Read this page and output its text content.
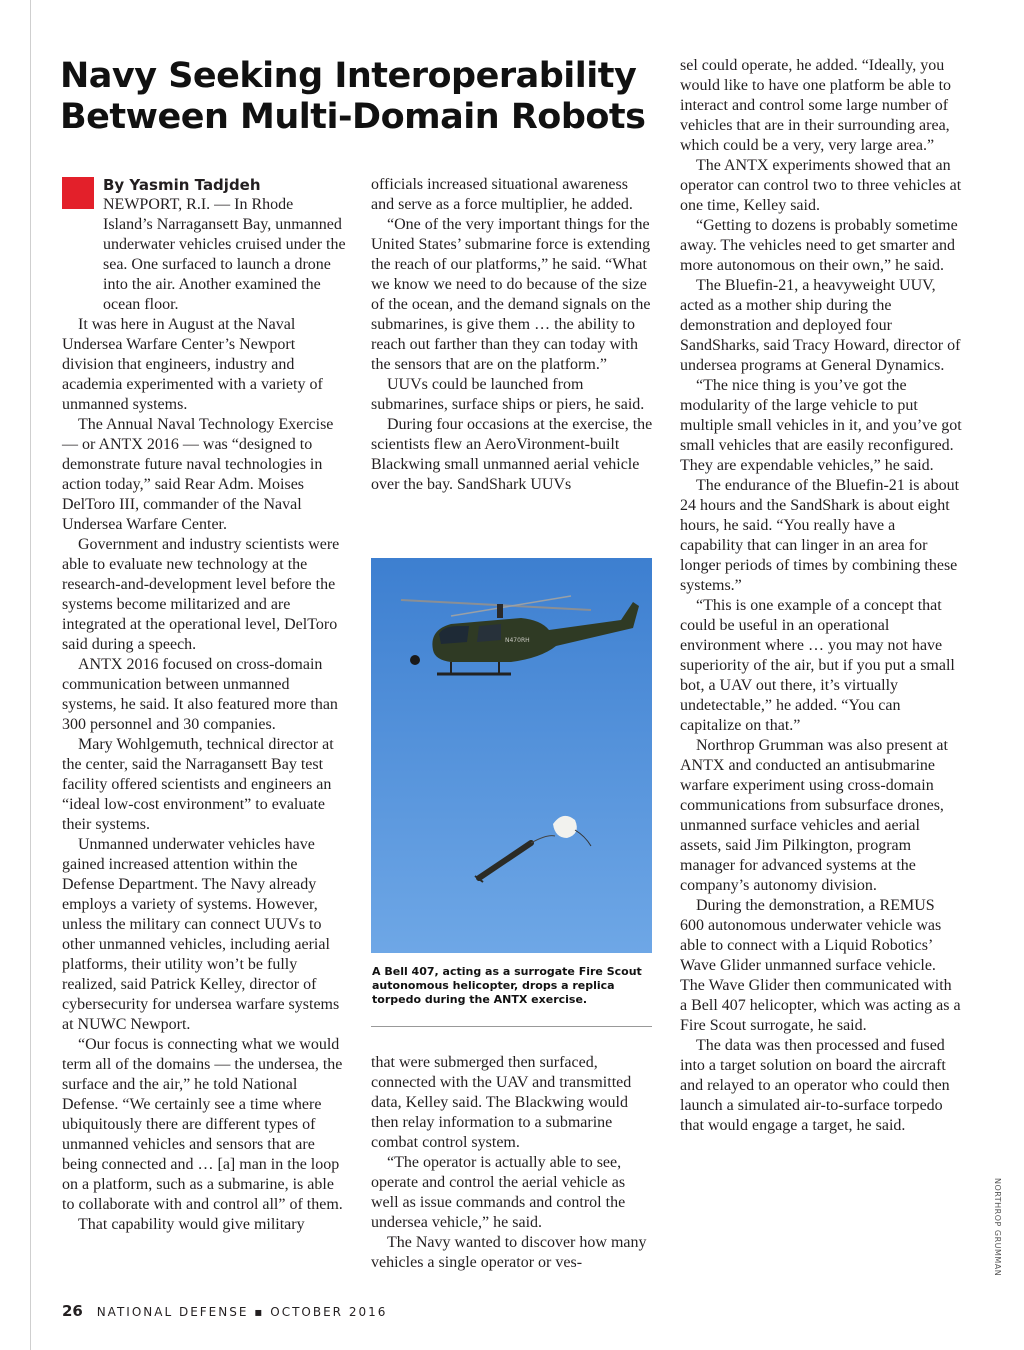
Navy Seeking Interoperability Between Multi-Domain Robots
By Yasmin Tadjdeh

NEWPORT, R.I. — In Rhode Island’s Narragansett Bay, unmanned underwater vehicles cruised under the sea. One surfaced to launch a drone into the air. Another examined the ocean floor.

It was here in August at the Naval Undersea Warfare Center’s Newport division that engineers, industry and academia experimented with a variety of unmanned systems.

The Annual Naval Technology Exercise — or ANTX 2016 — was “designed to demonstrate future naval technologies in action today,” said Rear Adm. Moises DelToro III, commander of the Naval Undersea Warfare Center.

Government and industry scientists were able to evaluate new technology at the research-and-development level before the systems become militarized and are integrated at the operational level, DelToro said during a speech.

ANTX 2016 focused on cross-domain communication between unmanned systems, he said. It also featured more than 300 personnel and 30 companies.

Mary Wohlgemuth, technical director at the center, said the Narragansett Bay test facility offered scientists and engineers an “ideal low-cost environment” to evaluate their systems.

Unmanned underwater vehicles have gained increased attention within the Defense Department. The Navy already employs a variety of systems. However, unless the military can connect UUVs to other unmanned vehicles, including aerial platforms, their utility won’t be fully realized, said Patrick Kelley, director of cybersecurity for undersea warfare systems at NUWC Newport.

“Our focus is connecting what we would term all of the domains — the undersea, the surface and the air,” he told National Defense. “We certainly see a time where ubiquitously there are different types of unmanned vehicles and sensors that are being connected and … [a] man in the loop on a platform, such as a submarine, is able to collaborate with and control all” of them.

That capability would give military

officials increased situational awareness and serve as a force multiplier, he added.

“One of the very important things for the United States’ submarine force is extending the reach of our platforms,” he said. “What we know we need to do because of the size of the ocean, and the demand signals on the submarines, is give them … the ability to reach out farther than they can today with the sensors that are on the platform.”

UUVs could be launched from submarines, surface ships or piers, he said.

During four occasions at the exercise, the scientists flew an AeroVironment-built Blackwing small unmanned aerial vehicle over the bay. SandShark UUVs

N470RH
A Bell 407, acting as a surrogate Fire Scout autonomous helicopter, drops a replica torpedo during the ANTX exercise.

that were submerged then surfaced, connected with the UAV and transmitted data, Kelley said. The Blackwing would then relay information to a submarine combat control system.

“The operator is actually able to see, operate and control the aerial vehicle as well as issue commands and control the undersea vehicle,” he said.

The Navy wanted to discover how many vehicles a single operator or ves-

sel could operate, he added. “Ideally, you would like to have one platform be able to interact and control some large number of vehicles that are in their surrounding area, which could be a very, very large area.”

The ANTX experiments showed that an operator can control two to three vehicles at one time, Kelley said.

“Getting to dozens is probably sometime away. The vehicles need to get smarter and more autonomous on their own,” he said.

The Bluefin-21, a heavyweight UUV, acted as a mother ship during the demonstration and deployed four SandSharks, said Tracy Howard, director of undersea programs at General Dynamics.

“The nice thing is you’ve got the modularity of the large vehicle to put multiple small vehicles in it, and you’ve got small vehicles that are easily reconfigured. They are expendable vehicles,” he said.

The endurance of the Bluefin-21 is about 24 hours and the SandShark is about eight hours, he said. “You really have a capability that can linger in an area for longer periods of times by combining these systems.”

“This is one example of a concept that could be useful in an operational environment where … you may not have superiority of the air, but if you put a small bot, a UAV out there, it’s virtually undetectable,” he added. “You can capitalize on that.”

Northrop Grumman was also present at ANTX and conducted an antisubmarine warfare experiment using cross-domain communications from subsurface drones, unmanned surface vehicles and aerial assets, said Jim Pilkington, program manager for advanced systems at the company’s autonomy division.

During the demonstration, a REMUS 600 autonomous underwater vehicle was able to connect with a Liquid Robotics’ Wave Glider unmanned surface vehicle. The Wave Glider then communicated with a Bell 407 helicopter, which was acting as a Fire Scout surrogate, he said.

The data was then processed and fused into a target solution on board the aircraft and relayed to an operator who could then launch a simulated air-to-surface torpedo that would engage a target, he said.

NORTHROP GRUMMAN
26 NATIONAL DEFENSE ▪ OCTOBER 2016
